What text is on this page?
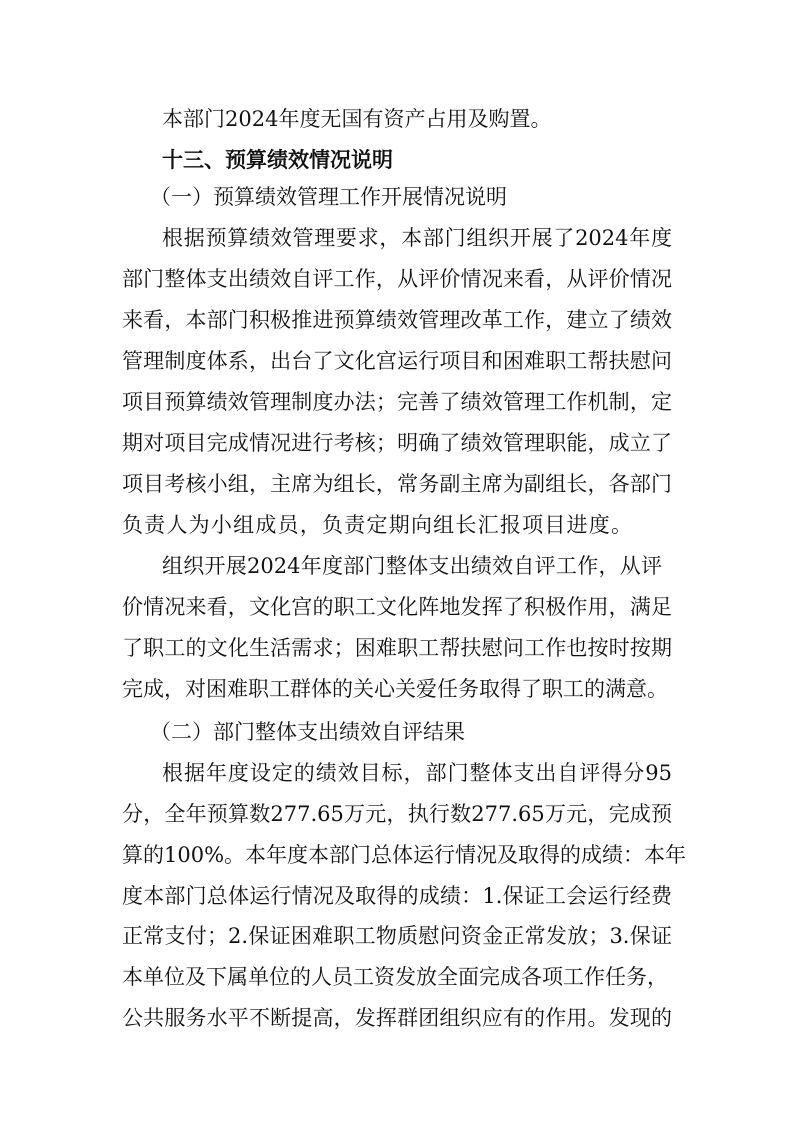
本部门2024年度无国有资产占用及购置。
十三、预算绩效情况说明
（一）预算绩效管理工作开展情况说明
根据预算绩效管理要求，本部门组织开展了2024年度
部门整体支出绩效自评工作，从评价情况来看，从评价情况
来看，本部门积极推进预算绩效管理改革工作，建立了绩效
管理制度体系，出台了文化宫运行项目和困难职工帮扶慰问
项目预算绩效管理制度办法；完善了绩效管理工作机制，定
期对项目完成情况进行考核；明确了绩效管理职能，成立了
项目考核小组，主席为组长，常务副主席为副组长，各部门
负责人为小组成员，负责定期向组长汇报项目进度。
组织开展2024年度部门整体支出绩效自评工作，从评
价情况来看，文化宫的职工文化阵地发挥了积极作用，满足
了职工的文化生活需求；困难职工帮扶慰问工作也按时按期
完成，对困难职工群体的关心关爱任务取得了职工的满意。
（二）部门整体支出绩效自评结果
根据年度设定的绩效目标，部门整体支出自评得分95
分，全年预算数277.65万元，执行数277.65万元，完成预
算的100%。本年度本部门总体运行情况及取得的成绩：本年
度本部门总体运行情况及取得的成绩：1.保证工会运行经费
正常支付；2.保证困难职工物质慰问资金正常发放；3.保证
本单位及下属单位的人员工资发放全面完成各项工作任务，
公共服务水平不断提高，发挥群团组织应有的作用。发现的
